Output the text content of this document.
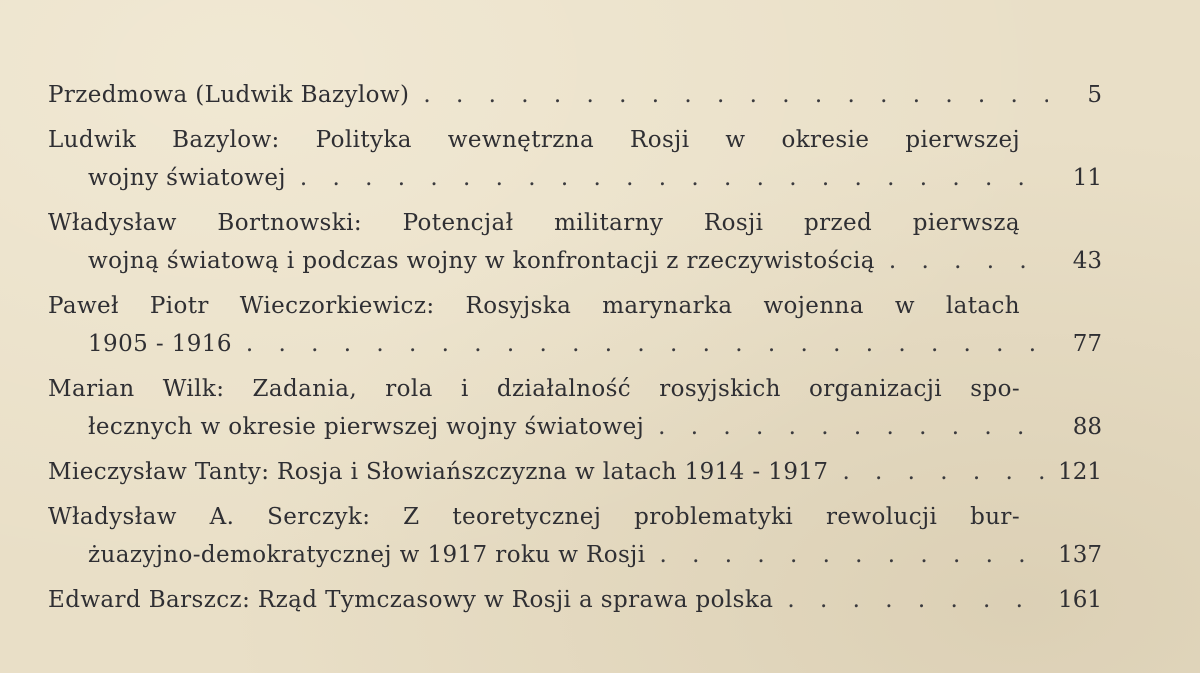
Przedmowa (Ludwik Bazylow) . . .	5
Ludwik Bazylow: Polityka wewnętrzna Rosji w okresie pierwszej
wojny światowej . . .	11
Władysław Bortnowski: Potencjał militarny Rosji przed pierwszą
wojną światową i podczas wojny w konfrontacji z rzeczywistością . . .	43
Paweł Piotr Wieczorkiewicz: Rosyjska marynarka wojenna w latach
1905 - 1916 . . .	77
Marian Wilk: Zadania, rola i działalność rosyjskich organizacji spo-
łecznych w okresie pierwszej wojny światowej . . .	88
Mieczysław Tanty: Rosja i Słowiańszczyzna w latach 1914 - 1917 . . .	121
Władysław A. Serczyk: Z teoretycznej problematyki rewolucji bur-
żuazyjno-demokratycznej w 1917 roku w Rosji . . .	137
Edward Barszcz: Rząd Tymczasowy w Rosji a sprawa polska . . .	161
